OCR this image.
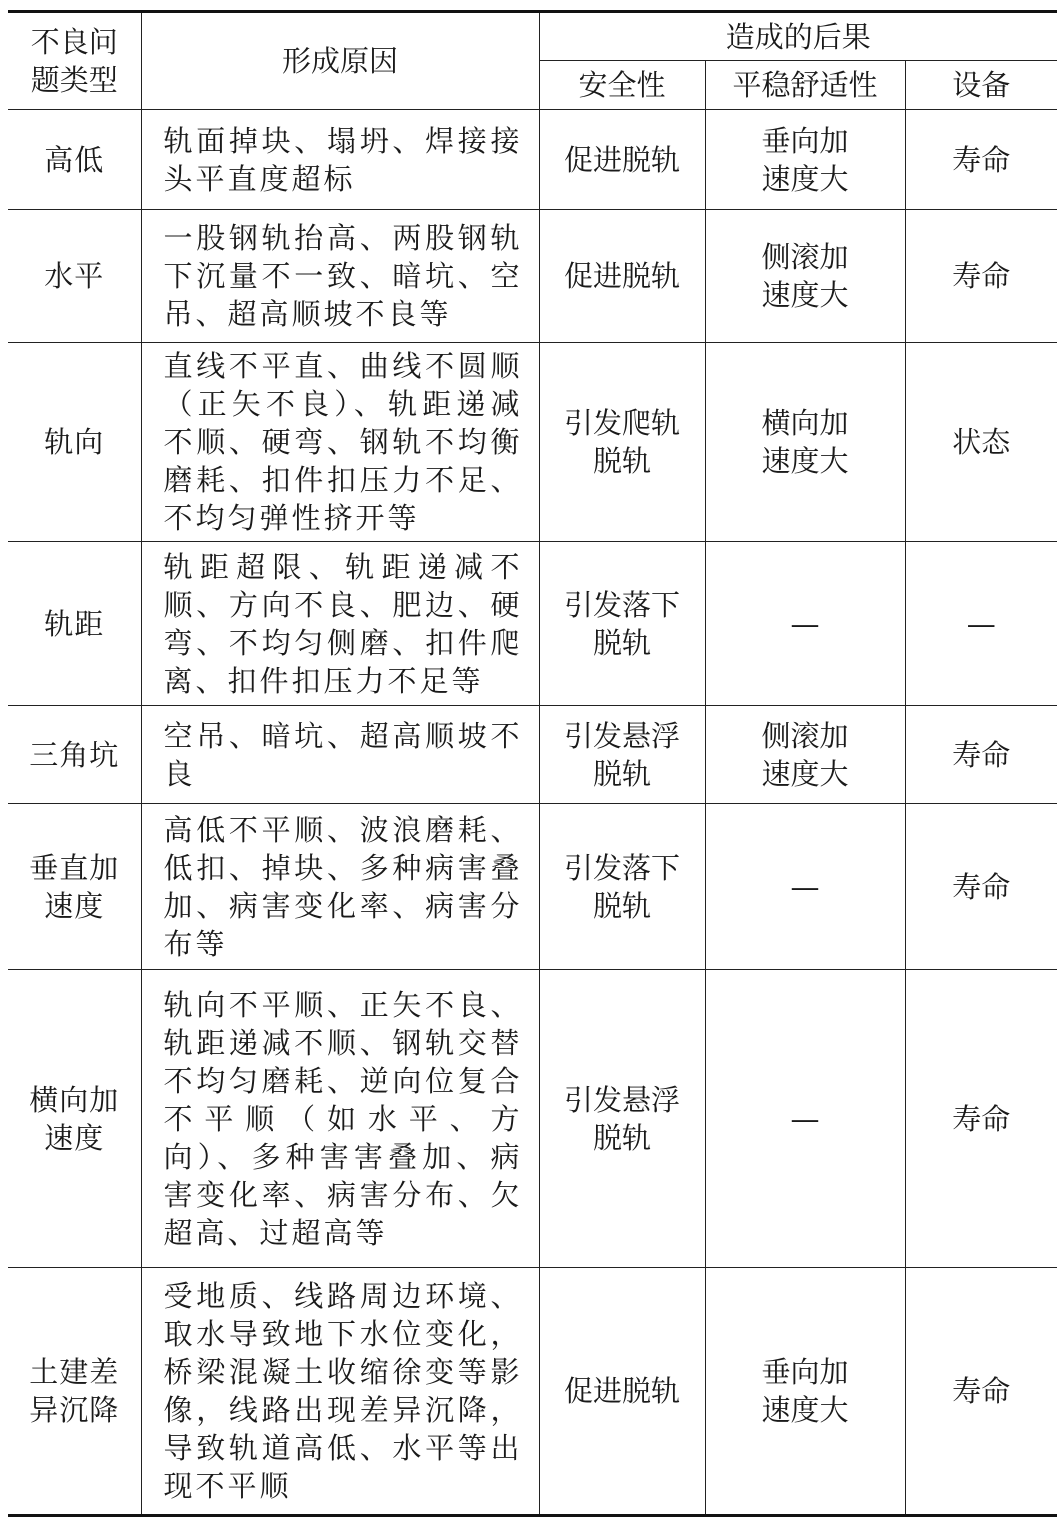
不良问题类型	形成原因	造成的后果		
		安全性	平稳舒适性	设备
高低	轨面掉块、塌坍、焊接接头平直度超标	促进脱轨	垂向加速度大	寿命
水平	一股钢轨抬高、两股钢轨下沉量不一致、暗坑、空吊、超高顺坡不良等	促进脱轨	侧滚加速度大	寿命
轨向	直线不平直、曲线不圆顺（正矢不良）、轨距递减不顺、硬弯、钢轨不均衡磨耗、扣件扣压力不足、不均匀弹性挤开等	引发爬轨脱轨	横向加速度大	状态
轨距	轨距超限、轨距递减不顺、方向不良、肥边、硬弯、不均匀侧磨、扣件爬离、扣件扣压力不足等	引发落下脱轨	—	—
三角坑	空吊、暗坑、超高顺坡不良	引发悬浮脱轨	侧滚加速度大	寿命
垂直加速度	高低不平顺、波浪磨耗、低扣、掉块、多种病害叠加、病害变化率、病害分布等	引发落下脱轨	—	寿命
横向加速度	轨向不平顺、正矢不良、轨距递减不顺、钢轨交替不均匀磨耗、逆向位复合不平顺（如水平、方向）、多种害害叠加、病害变化率、病害分布、欠超高、过超高等	引发悬浮脱轨	—	寿命
土建差异沉降	受地质、线路周边环境、取水导致地下水位变化，桥梁混凝土收缩徐变等影像，线路出现差异沉降，导致轨道高低、水平等出现不平顺	促进脱轨	垂向加速度大	寿命
